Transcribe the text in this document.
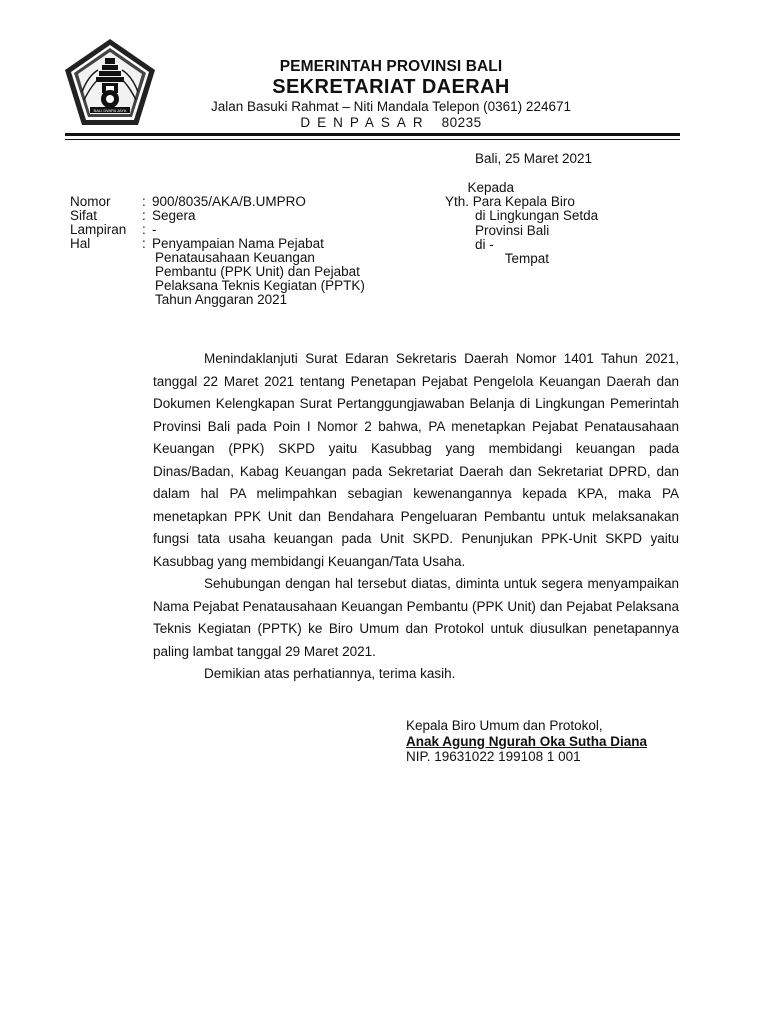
BALI DWIPA JAYA
PEMERINTAH PROVINSI BALI
SEKRETARIAT DAERAH
Jalan Basuki Rahmat – Niti Mandala Telepon (0361) 224671
DENPASAR 80235
Bali, 25 Maret 2021
Nomor	: 900/8035/AKA/B.UMPRO
Sifat	: Segera
Lampiran	: -
Hal	: Penyampaian Nama Pejabat
Penatausahaan Keuangan
Pembantu (PPK Unit) dan Pejabat
Pelaksana Teknis Kegiatan (PPTK)
Tahun Anggaran 2021
Kepada
Yth. Para Kepala Biro
di Lingkungan Setda
Provinsi Bali
di -
Tempat

Menindaklanjuti Surat Edaran Sekretaris Daerah Nomor 1401 Tahun 2021, tanggal 22 Maret 2021 tentang Penetapan Pejabat Pengelola Keuangan Daerah dan Dokumen Kelengkapan Surat Pertanggungjawaban Belanja di Lingkungan Pemerintah Provinsi Bali pada Poin I Nomor 2 bahwa, PA menetapkan Pejabat Penatausahaan Keuangan (PPK) SKPD yaitu Kasubbag yang membidangi keuangan pada Dinas/Badan, Kabag Keuangan pada Sekretariat Daerah dan Sekretariat DPRD, dan dalam hal PA melimpahkan sebagian kewenangannya kepada KPA, maka PA menetapkan PPK Unit dan Bendahara Pengeluaran Pembantu untuk melaksanakan fungsi tata usaha keuangan pada Unit SKPD. Penunjukan PPK-Unit SKPD yaitu Kasubbag yang membidangi Keuangan/Tata Usaha.

Sehubungan dengan hal tersebut diatas, diminta untuk segera menyampaikan Nama Pejabat Penatausahaan Keuangan Pembantu (PPK Unit) dan Pejabat Pelaksana Teknis Kegiatan (PPTK) ke Biro Umum dan Protokol untuk diusulkan penetapannya paling lambat tanggal 29 Maret 2021.

Demikian atas perhatiannya, terima kasih.

Kepala Biro Umum dan Protokol,
Anak Agung Ngurah Oka Sutha Diana
NIP. 19631022 199108 1 001
